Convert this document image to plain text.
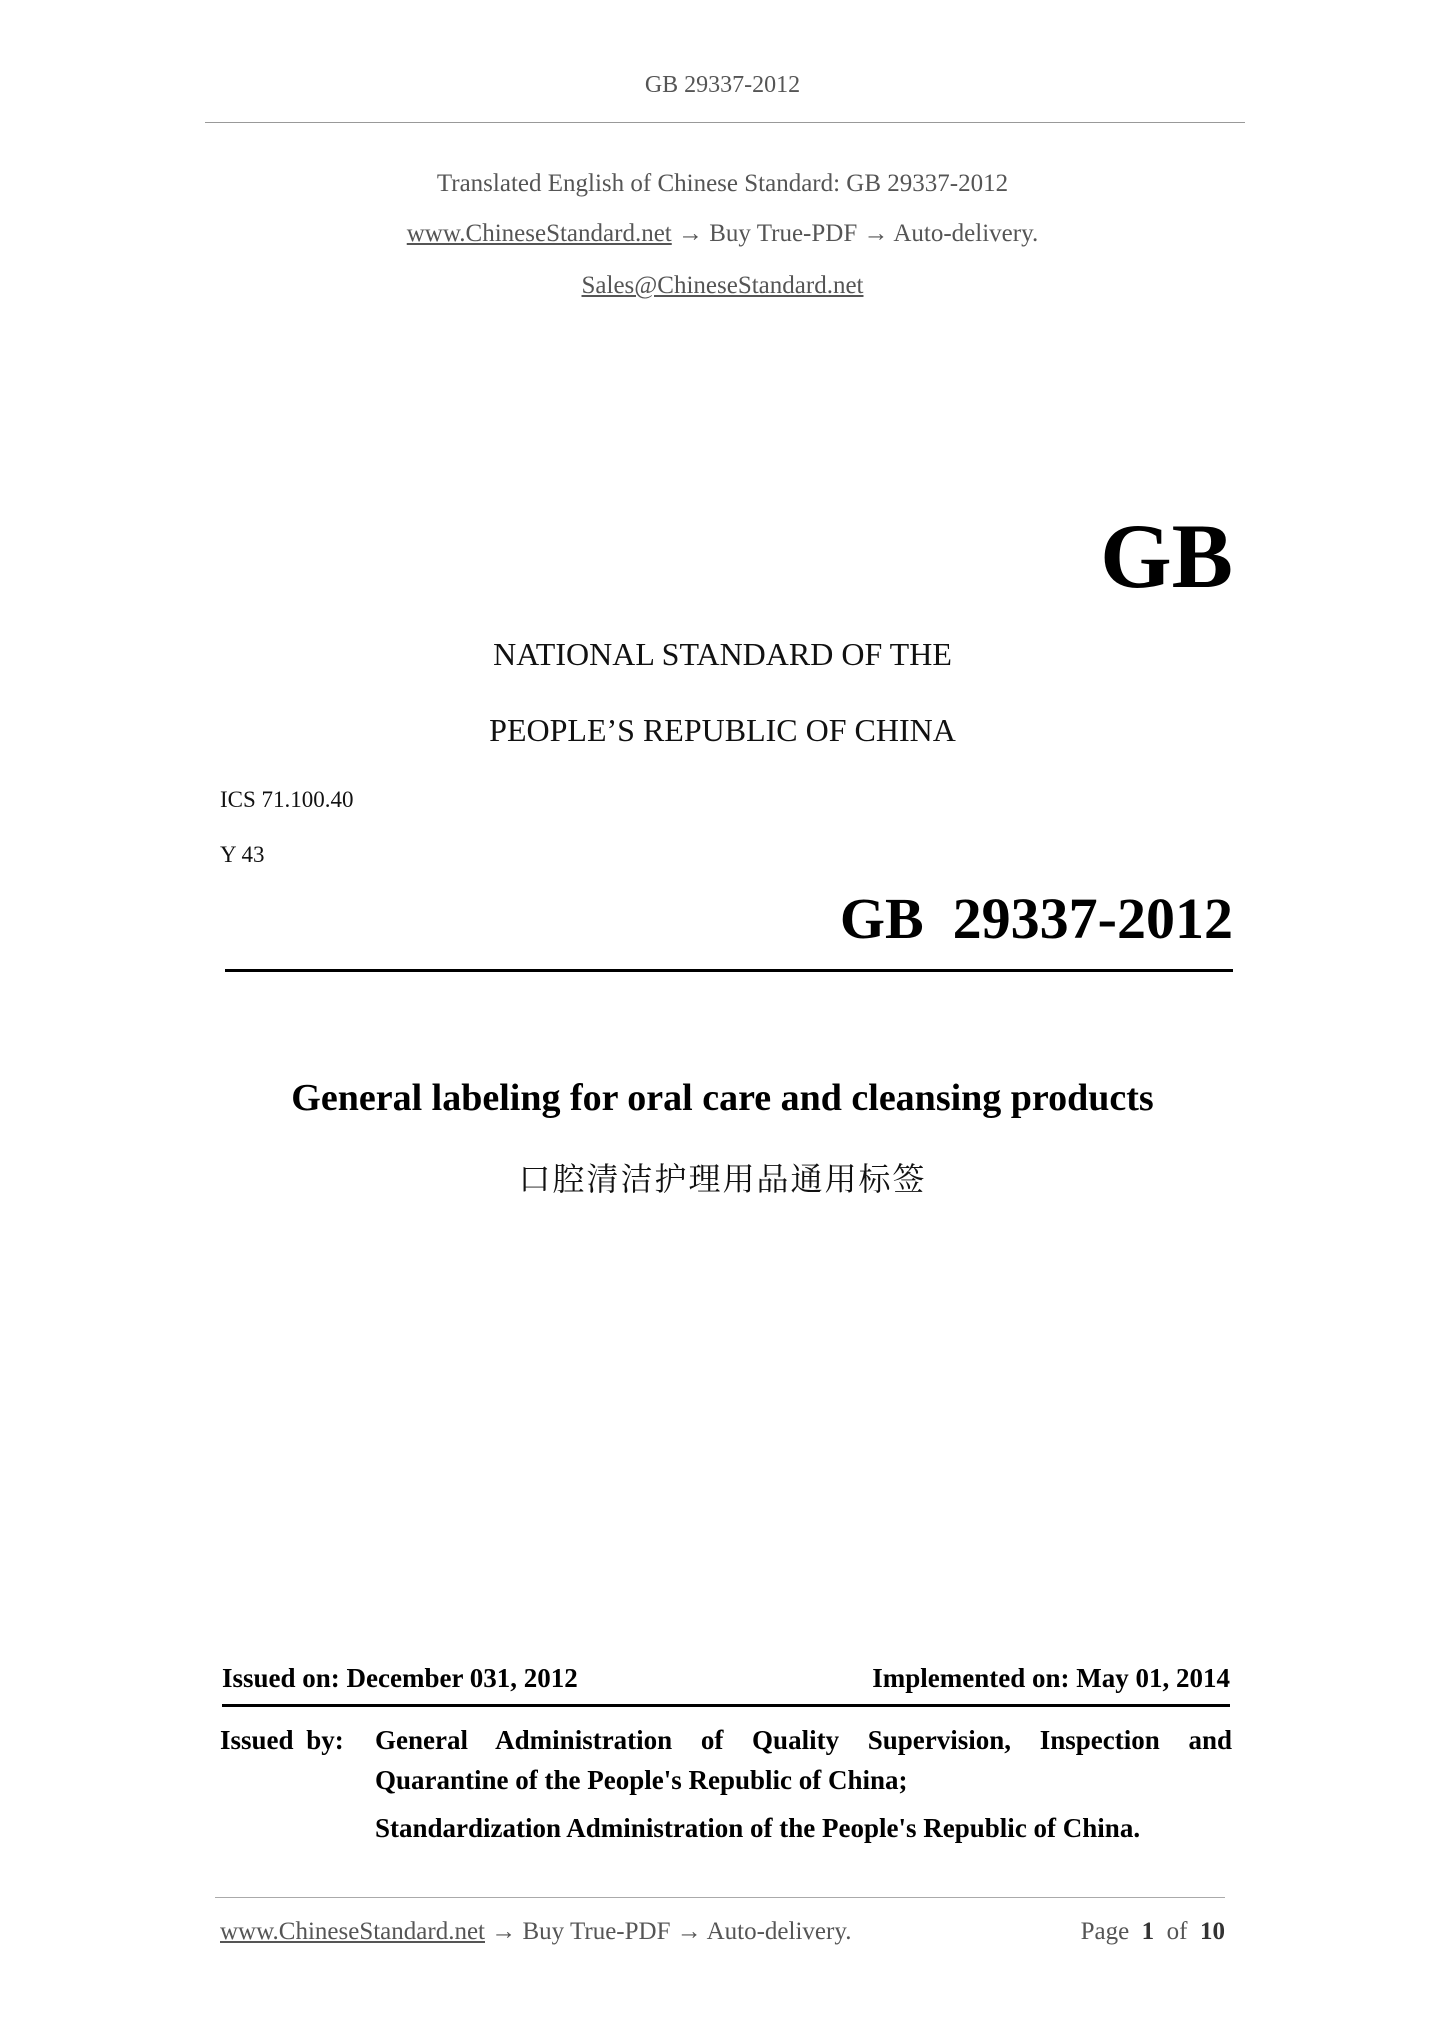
GB 29337-2012
Translated English of Chinese Standard: GB 29337-2012
www.ChineseStandard.net → Buy True-PDF → Auto-delivery.
Sales@ChineseStandard.net
GB
NATIONAL STANDARD OF THE
PEOPLE’S REPUBLIC OF CHINA
ICS 71.100.40
Y 43
GB  29337-2012
General labeling for oral care and cleansing products
口腔清洁护理用品通用标签
Issued on: December 031, 2012	Implemented on: May 01, 2014
Issued by: General Administration of Quality Supervision, Inspection and Quarantine of the People's Republic of China;
Standardization Administration of the People's Republic of China.
www.ChineseStandard.net → Buy True-PDF → Auto-delivery.	Page 1 of 10
